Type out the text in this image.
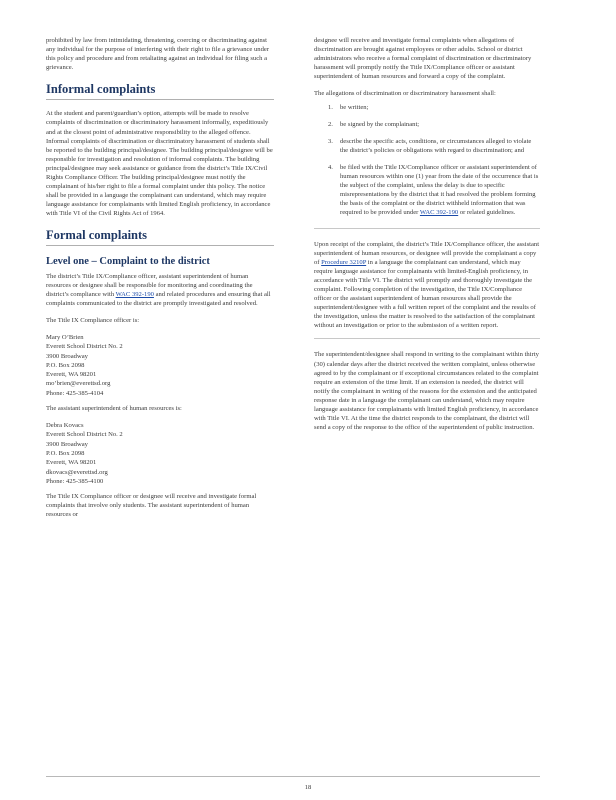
prohibited by law from intimidating, threatening, coercing or discriminating against any individual for the purpose of interfering with their right to file a grievance under this policy and procedure and from retaliating against an individual for filing such a grievance.

Informal complaints

At the student and parent/guardian’s option, attempts will be made to resolve complaints of discrimination or discriminatory harassment informally, expeditiously and at the closest point of administrative responsibility to the alleged offence. Informal complaints of discrimination or discriminatory harassment of students shall be reported to the building principal/designee. The building principal/designee will be responsible for investigation and resolution of informal complaints. The building principal/designee may seek assistance or guidance from the district’s Title IX/Civil Rights Compliance Officer. The building principal/designee must notify the complainant of his/her right to file a formal complaint under this policy. The notice shall be provided in a language the complainant can understand, which may require language assistance for complainants with limited English proficiency, in accordance with Title VI of the Civil Rights Act of 1964.

Formal complaints
Level one – Complaint to the district

The district’s Title IX/Compliance officer, assistant superintendent of human resources or designee shall be responsible for monitoring and coordinating the district’s compliance with WAC 392-190 and related procedures and ensuring that all complaints communicated to the district are promptly investigated and resolved.

The Title IX Compliance officer is:

Mary O’Brien
Everett School District No. 2
3900 Broadway
P.O. Box 2098
Everett, WA 98201
mo’brien@everettsd.org
Phone: 425-385-4104

The assistant superintendent of human resources is:

Debra Kovacs
Everett School District No. 2
3900 Broadway
P.O. Box 2098
Everett, WA 98201
dkovacs@everettsd.org
Phone: 425-385-4100

The Title IX Compliance officer or designee will receive and investigate formal complaints that involve only students. The assistant superintendent of human resources or

designee will receive and investigate formal complaints when allegations of discrimination are brought against employees or other adults. School or district administrators who receive a formal complaint of discrimination or discriminatory harassment will promptly notify the Title IX/Compliance officer or assistant superintendent of human resources and forward a copy of the complaint.

The allegations of discrimination or discriminatory harassment shall:

1. be written;
2. be signed by the complainant;
3. describe the specific acts, conditions, or circumstances alleged to violate the district’s policies or obligations with regard to discrimination; and
4. be filed with the Title IX/Compliance officer or assistant superintendent of human resources within one (1) year from the date of the occurrence that is the subject of the complaint, unless the delay is due to specific misrepresentations by the district that it had resolved the problem forming the basis of the complaint or the district withheld information that was required to be provided under WAC 392-190 or related guidelines.

Upon receipt of the complaint, the district’s Title IX/Compliance officer, the assistant superintendent of human resources, or designee will provide the complainant a copy of Procedure 3210P in a language the complainant can understand, which may require language assistance for complainants with limited-English proficiency, in accordance with Title VI. The district will promptly and thoroughly investigate the complaint. Following completion of the investigation, the Title IX/Compliance officer or the assistant superintendent of human resources shall provide the superintendent/designee with a full written report of the complaint and the results of the investigation, unless the matter is resolved to the satisfaction of the complainant without an investigation or prior to the submission of a written report.

The superintendent/designee shall respond in writing to the complainant within thirty (30) calendar days after the district received the written complaint, unless otherwise agreed to by the complainant or if exceptional circumstances related to the complaint require an extension of the time limit. If an extension is needed, the district will notify the complainant in writing of the reasons for the extension and the anticipated response date in a language the complainant can understand, which may require language assistance for complainants with limited English proficiency, in accordance with Title VI. At the time the district responds to the complainant, the district will send a copy of the response to the office of the superintendent of public instruction.

18
